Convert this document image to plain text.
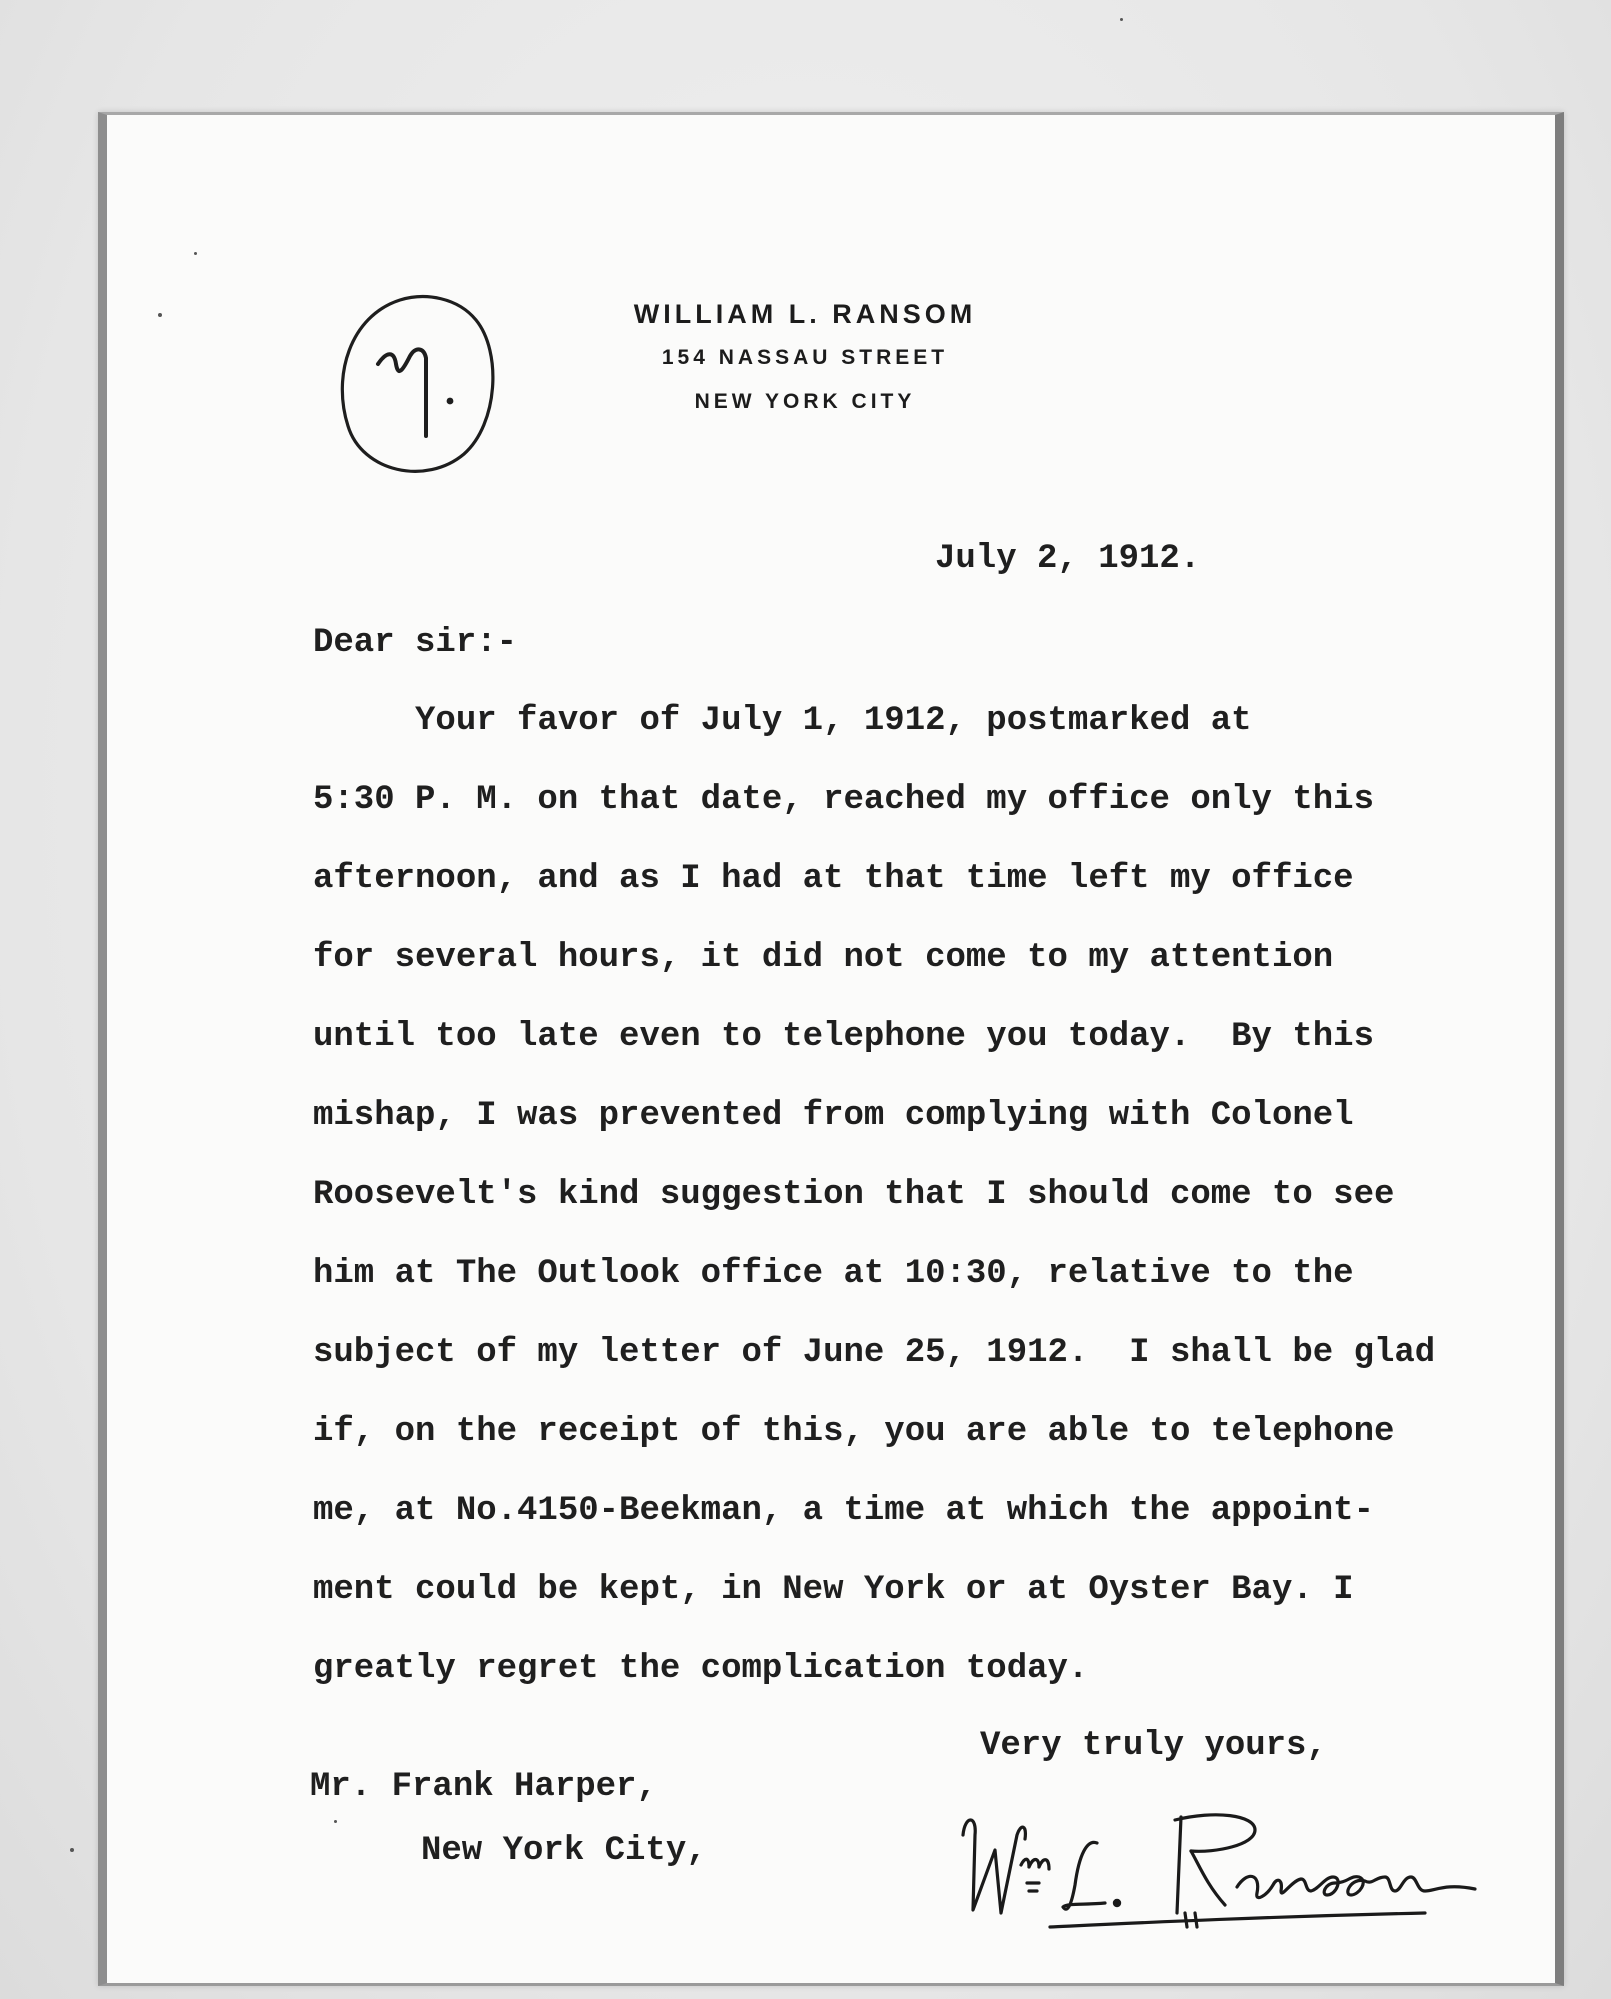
WILLIAM L. RANSOM
154 NASSAU STREET
NEW YORK CITY

July 2, 1912.

Dear sir:-

Your favor of July 1, 1912, postmarked at

5:30 P. M. on that date, reached my office only this

afternoon, and as I had at that time left my office

for several hours, it did not come to my attention

until too late even to telephone you today.  By this

mishap, I was prevented from complying with Colonel

Roosevelt's kind suggestion that I should come to see

him at The Outlook office at 10:30, relative to the

subject of my letter of June 25, 1912.  I shall be glad

if, on the receipt of this, you are able to telephone

me, at No.4150-Beekman, a time at which the appoint-

ment could be kept, in New York or at Oyster Bay. I

greatly regret the complication today.

Very truly yours,

Mr. Frank Harper,

New York City,
